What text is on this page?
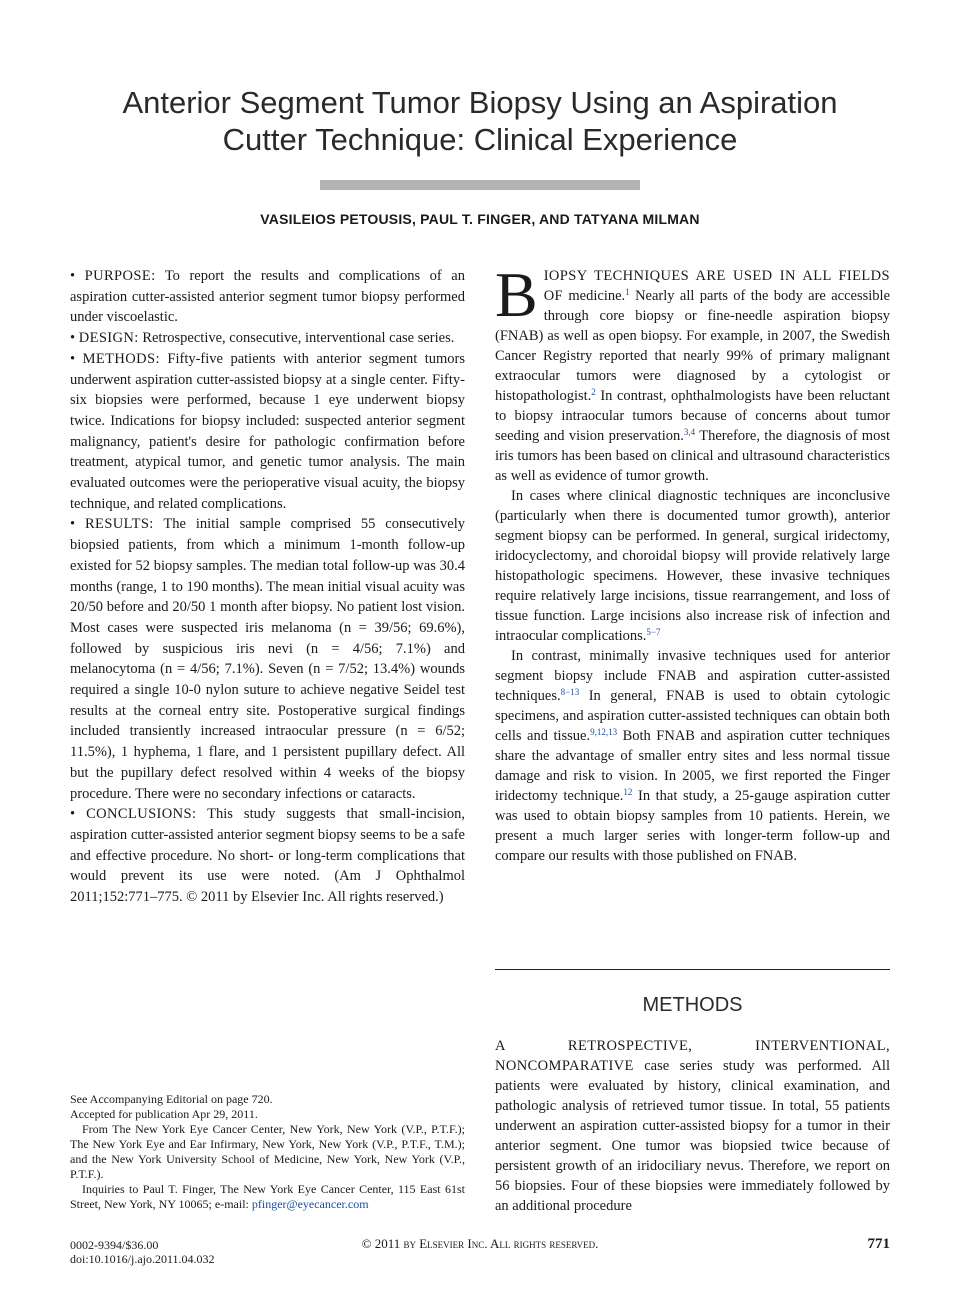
Anterior Segment Tumor Biopsy Using an Aspiration
Cutter Technique: Clinical Experience
VASILEIOS PETOUSIS, PAUL T. FINGER, AND TATYANA MILMAN

• PURPOSE: To report the results and complications of an aspiration cutter-assisted anterior segment tumor biopsy performed under viscoelastic.

• DESIGN: Retrospective, consecutive, interventional case series.

• METHODS: Fifty-five patients with anterior segment tumors underwent aspiration cutter-assisted biopsy at a single center. Fifty-six biopsies were performed, because 1 eye underwent biopsy twice. Indications for biopsy included: suspected anterior segment malignancy, patient's desire for pathologic confirmation before treatment, atypical tumor, and genetic tumor analysis. The main evaluated outcomes were the perioperative visual acuity, the biopsy technique, and related complications.

• RESULTS: The initial sample comprised 55 consecutively biopsied patients, from which a minimum 1-month follow-up existed for 52 biopsy samples. The median total follow-up was 30.4 months (range, 1 to 190 months). The mean initial visual acuity was 20/50 before and 20/50 1 month after biopsy. No patient lost vision. Most cases were suspected iris melanoma (n = 39/56; 69.6%), followed by suspicious iris nevi (n = 4/56; 7.1%) and melanocytoma (n = 4/56; 7.1%). Seven (n = 7/52; 13.4%) wounds required a single 10-0 nylon suture to achieve negative Seidel test results at the corneal entry site. Postoperative surgical findings included transiently increased intraocular pressure (n = 6/52; 11.5%), 1 hyphema, 1 flare, and 1 persistent pupillary defect. All but the pupillary defect resolved within 4 weeks of the biopsy procedure. There were no secondary infections or cataracts.

• CONCLUSIONS: This study suggests that small-incision, aspiration cutter-assisted anterior segment biopsy seems to be a safe and effective procedure. No short- or long-term complications that would prevent its use were noted. (Am J Ophthalmol 2011;152:771–775. © 2011 by Elsevier Inc. All rights reserved.)

See Accompanying Editorial on page 720.

Accepted for publication Apr 29, 2011.

From The New York Eye Cancer Center, New York, New York (V.P., P.T.F.); The New York Eye and Ear Infirmary, New York, New York (V.P., P.T.F., T.M.); and the New York University School of Medicine, New York, New York (V.P., P.T.F.).

Inquiries to Paul T. Finger, The New York Eye Cancer Center, 115 East 61st Street, New York, NY 10065; e-mail: pfinger@eyecancer.com

BIOPSY TECHNIQUES ARE USED IN ALL FIELDS OF medicine.$^1$ Nearly all parts of the body are accessible through core biopsy or fine-needle aspiration biopsy (FNAB) as well as open biopsy. For example, in 2007, the Swedish Cancer Registry reported that nearly 99% of primary malignant extraocular tumors were diagnosed by a cytologist or histopathologist.$^2$ In contrast, ophthalmologists have been reluctant to biopsy intraocular tumors because of concerns about tumor seeding and vision preservation.$^{3,4}$ Therefore, the diagnosis of most iris tumors has been based on clinical and ultrasound characteristics as well as evidence of tumor growth.

In cases where clinical diagnostic techniques are inconclusive (particularly when there is documented tumor growth), anterior segment biopsy can be performed. In general, surgical iridectomy, iridocyclectomy, and choroidal biopsy will provide relatively large histopathologic specimens. However, these invasive techniques require relatively large incisions, tissue rearrangement, and loss of tissue function. Large incisions also increase risk of infection and intraocular complications.$^{5-7}$

In contrast, minimally invasive techniques used for anterior segment biopsy include FNAB and aspiration cutter-assisted techniques.$^{8-13}$ In general, FNAB is used to obtain cytologic specimens, and aspiration cutter-assisted techniques can obtain both cells and tissue.$^{9,12,13}$ Both FNAB and aspiration cutter techniques share the advantage of smaller entry sites and less normal tissue damage and risk to vision. In 2005, we first reported the Finger iridectomy technique.$^{12}$ In that study, a 25-gauge aspiration cutter was used to obtain biopsy samples from 10 patients. Herein, we present a much larger series with longer-term follow-up and compare our results with those published on FNAB.

METHODS

A RETROSPECTIVE, INTERVENTIONAL, NONCOMPARATIVE case series study was performed. All patients were evaluated by history, clinical examination, and pathologic analysis of retrieved tumor tissue. In total, 55 patients underwent an aspiration cutter-assisted biopsy for a tumor in their anterior segment. One tumor was biopsied twice because of persistent growth of an iridociliary nevus. Therefore, we report on 56 biopsies. Four of these biopsies were immediately followed by an additional procedure

0002-9394/$36.00
doi:10.1016/j.ajo.2011.04.032
© 2011 by Elsevier Inc. All rights reserved.	771
